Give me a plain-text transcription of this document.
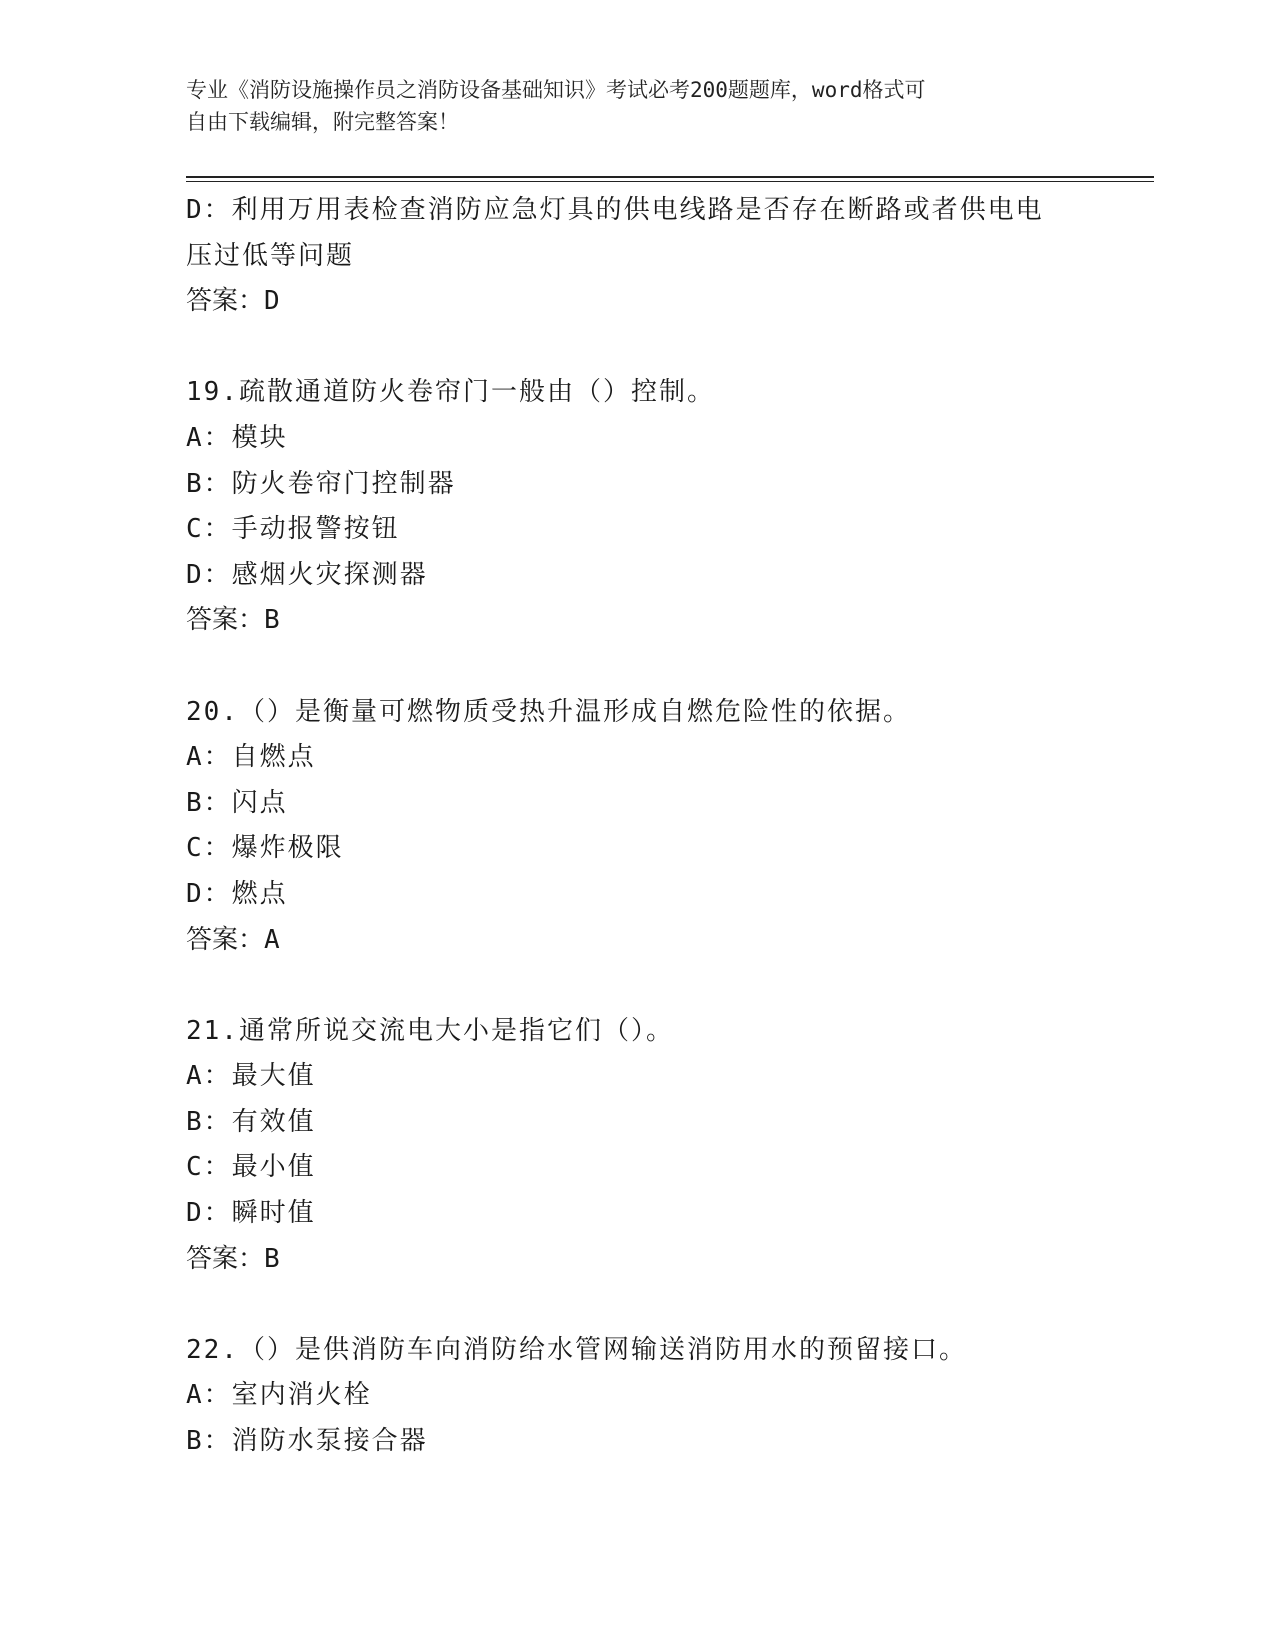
专业《消防设施操作员之消防设备基础知识》考试必考200题题库，word格式可
自由下载编辑，附完整答案！
D：利用万用表检查消防应急灯具的供电线路是否存在断路或者供电电
压过低等问题
答案：D
19.疏散通道防火卷帘门一般由（）控制。
A：模块
B：防火卷帘门控制器
C：手动报警按钮
D：感烟火灾探测器
答案：B
20.（）是衡量可燃物质受热升温形成自燃危险性的依据。
A：自燃点
B：闪点
C：爆炸极限
D：燃点
答案：A
21.通常所说交流电大小是指它们（）。
A：最大值
B：有效值
C：最小值
D：瞬时值
答案：B
22.（）是供消防车向消防给水管网输送消防用水的预留接口。
A：室内消火栓
B：消防水泵接合器
